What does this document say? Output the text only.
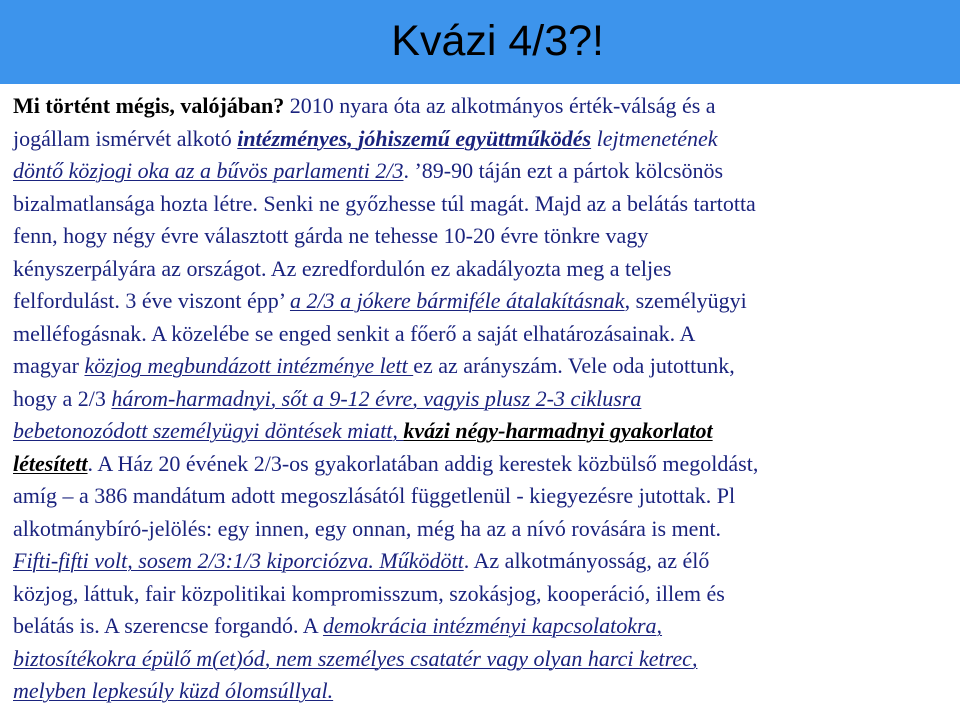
Kvázi 4/3?!
Mi történt mégis, valójában? 2010 nyara óta az alkotmányos érték-válság és a
jogállam ismérvét alkotó intézményes, jóhiszemű együttműködés lejtmenetének
döntő közjogi oka az a bűvös parlamenti 2/3. ’89-90 táján ezt a pártok kölcsönös
bizalmatlansága hozta létre. Senki ne győzhesse túl magát. Majd az a belátás tartotta
fenn, hogy négy évre választott gárda ne tehesse 10-20 évre tönkre vagy
kényszerpályára az országot. Az ezredfordulón ez akadályozta meg a teljes
felfordulást. 3 éve viszont épp’ a 2/3 a jókere bármiféle átalakításnak, személyügyi
melléfogásnak. A közelébe se enged senkit a főerő a saját elhatározásainak. A
magyar közjog megbundázott intézménye lett ez az arányszám. Vele oda jutottunk,
hogy a 2/3 három-harmadnyi, sőt a 9-12 évre, vagyis plusz 2-3 ciklusra
bebetonozódott személyügyi döntések miatt, kvázi négy-harmadnyi gyakorlatot
létesített. A Ház 20 évének 2/3-os gyakorlatában addig kerestek közbülső megoldást,
amíg – a 386 mandátum adott megoszlásától függetlenül - kiegyezésre jutottak. Pl
alkotmánybíró-jelölés: egy innen, egy onnan, még ha az a nívó rovására is ment.
Fifti-fifti volt, sosem 2/3:1/3 kiporciózva. Működött. Az alkotmányosság, az élő
közjog, láttuk, fair közpolitikai kompromisszum, szokásjog, kooperáció, illem és
belátás is. A szerencse forgandó. A demokrácia intézményi kapcsolatokra,
biztosítékokra épülő m(et)ód, nem személyes csatatér vagy olyan harci ketrec,
melyben lepkesúly küzd ólomsúllyal.
